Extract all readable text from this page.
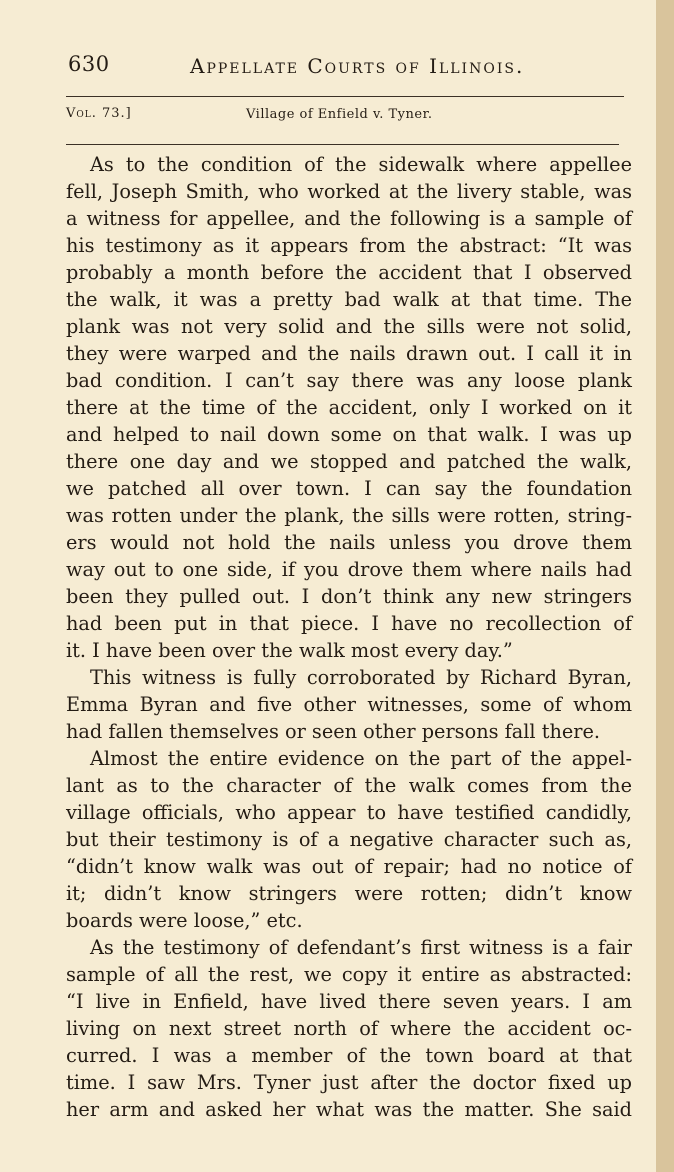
630	Appellate Courts of Illinois.
Vol. 73.]	Village of Enfield v. Tyner.
As to the condition of the sidewalk where appellee
fell, Joseph Smith, who worked at the livery stable, was
a witness for appellee, and the following is a sample of
his testimony as it appears from the abstract: “It was
probably a month before the accident that I observed
the walk, it was a pretty bad walk at that time. The
plank was not very solid and the sills were not solid,
they were warped and the nails drawn out. I call it in
bad condition. I can’t say there was any loose plank
there at the time of the accident, only I worked on it
and helped to nail down some on that walk. I was up
there one day and we stopped and patched the walk,
we patched all over town. I can say the foundation
was rotten under the plank, the sills were rotten, string-
ers would not hold the nails unless you drove them
way out to one side, if you drove them where nails had
been they pulled out. I don’t think any new stringers
had been put in that piece. I have no recollection of
it. I have been over the walk most every day.”
This witness is fully corroborated by Richard Byran,
Emma Byran and five other witnesses, some of whom
had fallen themselves or seen other persons fall there.
Almost the entire evidence on the part of the appel-
lant as to the character of the walk comes from the
village officials, who appear to have testified candidly,
but their testimony is of a negative character such as,
“didn’t know walk was out of repair; had no notice of
it; didn’t know stringers were rotten; didn’t know
boards were loose,” etc.
As the testimony of defendant’s first witness is a fair
sample of all the rest, we copy it entire as abstracted:
“I live in Enfield, have lived there seven years. I am
living on next street north of where the accident oc-
curred. I was a member of the town board at that
time. I saw Mrs. Tyner just after the doctor fixed up
her arm and asked her what was the matter. She said
